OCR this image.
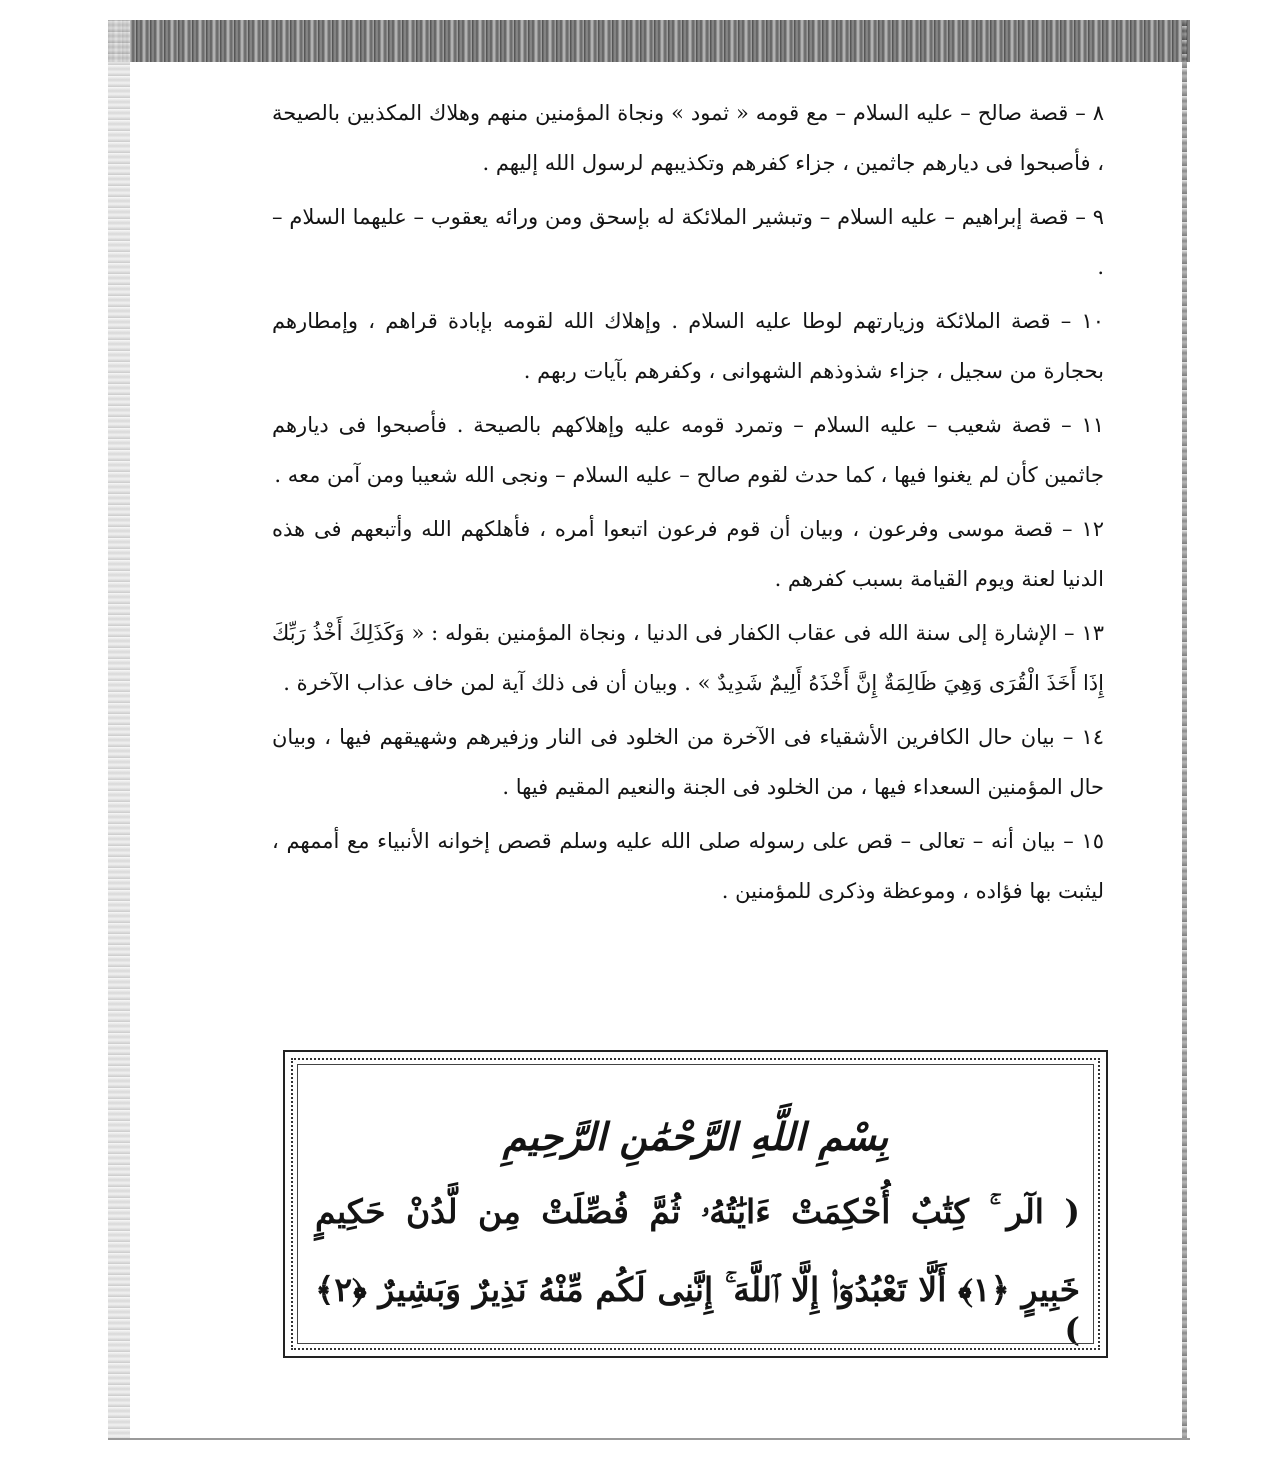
٨ – قصة صالح – عليه السلام – مع قومه « ثمود » ونجاة المؤمنين منهم وهلاك المكذبين بالصيحة ، فأصبحوا فى ديارهم جاثمين ، جزاء كفرهم وتكذيبهم لرسول الله إليهم .

٩ – قصة إبراهيم – عليه السلام – وتبشير الملائكة له بإسحق ومن ورائه يعقوب – عليهما السلام – .

١٠ – قصة الملائكة وزيارتهم لوطا عليه السلام . وإهلاك الله لقومه بإبادة قراهم ، وإمطارهم بحجارة من سجيل ، جزاء شذوذهم الشهوانى ، وكفرهم بآيات ربهم .

١١ – قصة شعيب – عليه السلام – وتمرد قومه عليه وإهلاكهم بالصيحة . فأصبحوا فى ديارهم جاثمين كأن لم يغنوا فيها ، كما حدث لقوم صالح – عليه السلام – ونجى الله شعيبا ومن آمن معه .

١٢ – قصة موسى وفرعون ، وبيان أن قوم فرعون اتبعوا أمره ، فأهلكهم الله وأتبعهم فى هذه الدنيا لعنة ويوم القيامة بسبب كفرهم .

١٣ – الإشارة إلى سنة الله فى عقاب الكفار فى الدنيا ، ونجاة المؤمنين بقوله : « وَكَذَلِكَ أَخْذُ رَبِّكَ إِذَا أَخَذَ الْقُرَى وَهِيَ ظَالِمَةٌ إِنَّ أَخْذَهُ أَلِيمٌ شَدِيدٌ » . وبيان أن فى ذلك آية لمن خاف عذاب الآخرة .

١٤ – بيان حال الكافرين الأشقياء فى الآخرة من الخلود فى النار وزفيرهم وشهيقهم فيها ، وبيان حال المؤمنين السعداء فيها ، من الخلود فى الجنة والنعيم المقيم فيها .

١٥ – بيان أنه – تعالى – قص على رسوله صلى الله عليه وسلم قصص إخوانه الأنبياء مع أممهم ، ليثبت بها فؤاده ، وموعظة وذكرى للمؤمنين .

بِسْمِ اللَّهِ الرَّحْمَٰنِ الرَّحِيمِ
( الٓر ۚ كِتَٰبٌ أُحْكِمَتْ ءَايَٰتُهُۥ ثُمَّ فُصِّلَتْ مِن لَّدُنْ حَكِيمٍ
خَبِيرٍ ﴿١﴾ أَلَّا تَعْبُدُوٓا۟ إِلَّا ٱللَّهَ ۚ إِنَّنِى لَكُم مِّنْهُ نَذِيرٌ وَبَشِيرٌ ﴿٢﴾ )
